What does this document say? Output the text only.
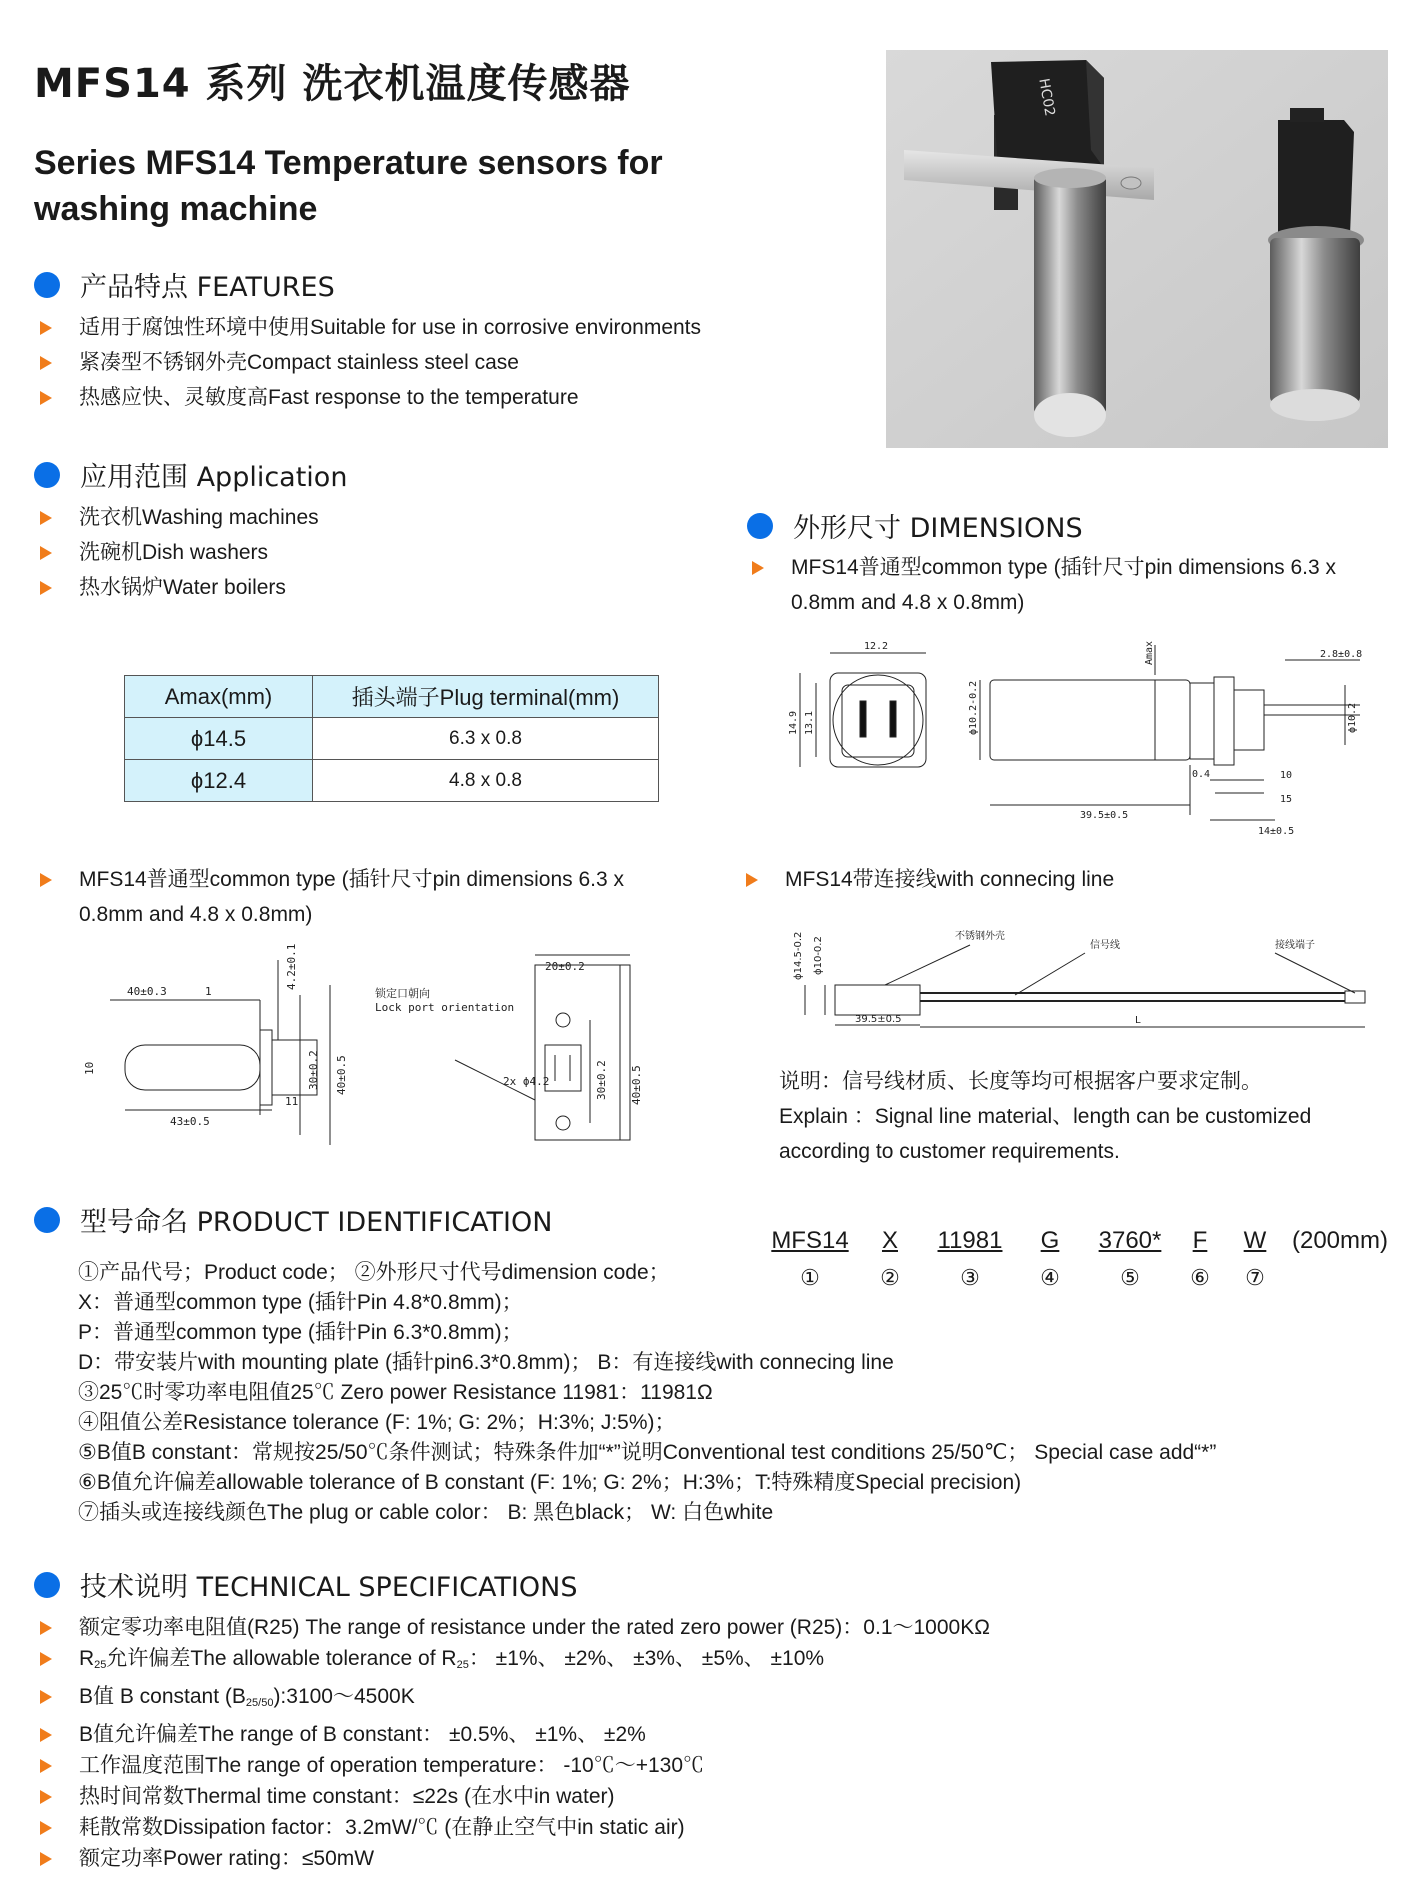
MFS14 系列 洗衣机温度传感器
Series MFS14 Temperature sensors for
washing machine
HC02
产品特点 FEATURES
适用于腐蚀性环境中使用Suitable for use in corrosive environments
紧凑型不锈钢外壳Compact stainless steel case
热感应快、灵敏度高Fast response to the temperature
应用范围 Application
洗衣机Washing machines
洗碗机Dish washers
热水锅炉Water boilers
Amax(mm)	插头端子Plug terminal(mm)
ϕ14.5	6.3 x 0.8
ϕ12.4	4.8 x 0.8
外形尺寸 DIMENSIONS
MFS14普通型common type (插针尺寸pin dimensions 6.3 x
0.8mm and 4.8 x 0.8mm)
12.2	Amax	2.8±0.8
14.9 13.1	ϕ10.2-0.2	ϕ10.2
0.4	10
15
39.5±0.5
14±0.5
MFS14普通型common type (插针尺寸pin dimensions 6.3 x
0.8mm and 4.8 x 0.8mm)
40±0.3	1
4.2±0.1
10
43±0.5
11
30±0.2 40±0.5
锁定口朝向
Lock port orientation
20±0.2
2x ϕ4.2	30±0.2 40±0.5
MFS14带连接线with connecing line
不锈钢外壳
信号线	接线端子
ϕ14.5-0.2 ϕ10-0.2
39.5±0.5	L
说明：信号线材质、长度等均可根据客户要求定制。
Explain ：Signal line material、length can be customized
according to customer requirements.
型号命名 PRODUCT IDENTIFICATION
MFS14	X	11981	G	3760*	F	W	(200mm)
①	②	③	④	⑤	⑥	⑦
①产品代号；Product code； ②外形尺寸代号dimension code；
X：普通型common type (插针Pin 4.8*0.8mm)；
P：普通型common type (插针Pin 6.3*0.8mm)；
D：带安装片with mounting plate (插针pin6.3*0.8mm)； B：有连接线with connecing line
③25℃时零功率电阻值25℃ Zero power Resistance 11981：11981Ω
④阻值公差Resistance tolerance (F: 1%; G: 2%；H:3%; J:5%)；
⑤B值B constant：常规按25/50℃条件测试；特殊条件加“*”说明Conventional test conditions 25/50℃； Special case add“*”
⑥B值允许偏差allowable tolerance of B constant (F: 1%; G: 2%；H:3%；T:特殊精度Special precision)
⑦插头或连接线颜色The plug or cable color： B: 黑色black； W: 白色white
技术说明 TECHNICAL SPECIFICATIONS
额定零功率电阻值(R25) The range of resistance under the rated zero power (R25)：0.1～1000KΩ
$R_{25}$允许偏差The allowable tolerance of $R_{25}$： ±1%、 ±2%、 ±3%、 ±5%、 ±10%
B值 B constant $(B_{25/50}):3100\sim 4500K$
B值允许偏差The range of B constant： ±0.5%、 ±1%、 ±2%
工作温度范围The range of operation temperature： -10℃～+130℃
热时间常数Thermal time constant：≤22s (在水中in water)
耗散常数Dissipation factor：3.2mW/℃ (在静止空气中in static air)
额定功率Power rating：≤50mW
